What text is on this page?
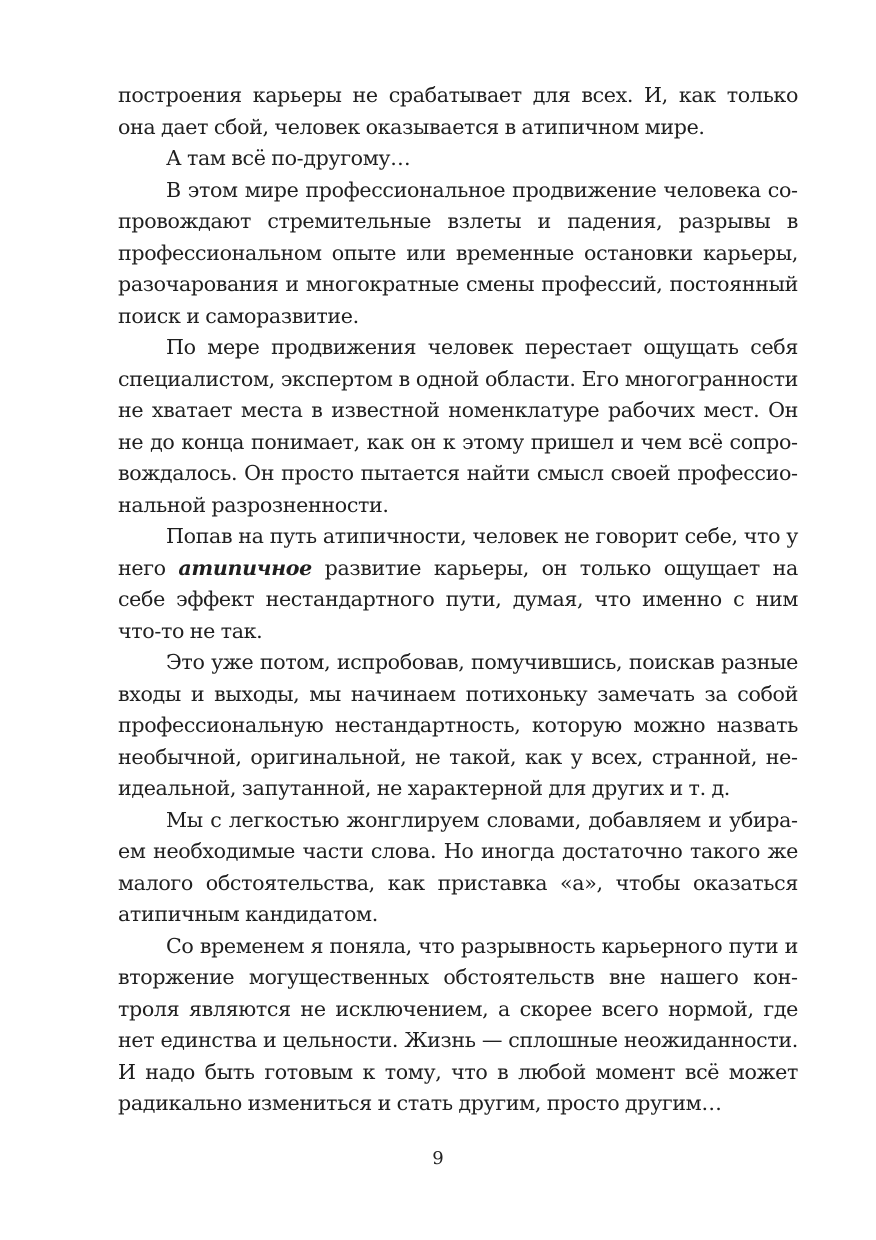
построения карьеры не срабатывает для всех. И, как только она дает сбой, человек оказывается в атипичном мире.

А там всё по-другому…

В этом мире профессиональное продвижение человека сопровождают стремительные взлеты и падения, разрывы в профессиональном опыте или временные остановки карьеры, разочарования и многократные смены профессий, постоянный поиск и саморазвитие.

По мере продвижения человек перестает ощущать себя специалистом, экспертом в одной области. Его многогранности не хватает места в известной номенклатуре рабочих мест. Он не до конца понимает, как он к этому пришел и чем всё сопровождалось. Он просто пытается найти смысл своей профессиональной разрозненности.

Попав на путь атипичности, человек не говорит себе, что у него атипичное развитие карьеры, он только ощущает на себе эффект нестандартного пути, думая, что именно с ним что-то не так.

Это уже потом, испробовав, помучившись, поискав разные входы и выходы, мы начинаем потихоньку замечать за собой профессиональную нестандартность, которую можно назвать необычной, оригинальной, не такой, как у всех, странной, неидеальной, запутанной, не характерной для других и т. д.

Мы с легкостью жонглируем словами, добавляем и убираем необходимые части слова. Но иногда достаточно такого же малого обстоятельства, как приставка «а», чтобы оказаться атипичным кандидатом.

Со временем я поняла, что разрывность карьерного пути и вторжение могущественных обстоятельств вне нашего контроля являются не исключением, а скорее всего нормой, где нет единства и цельности. Жизнь — сплошные неожиданности. И надо быть готовым к тому, что в любой момент всё может радикально измениться и стать другим, просто другим…

9
